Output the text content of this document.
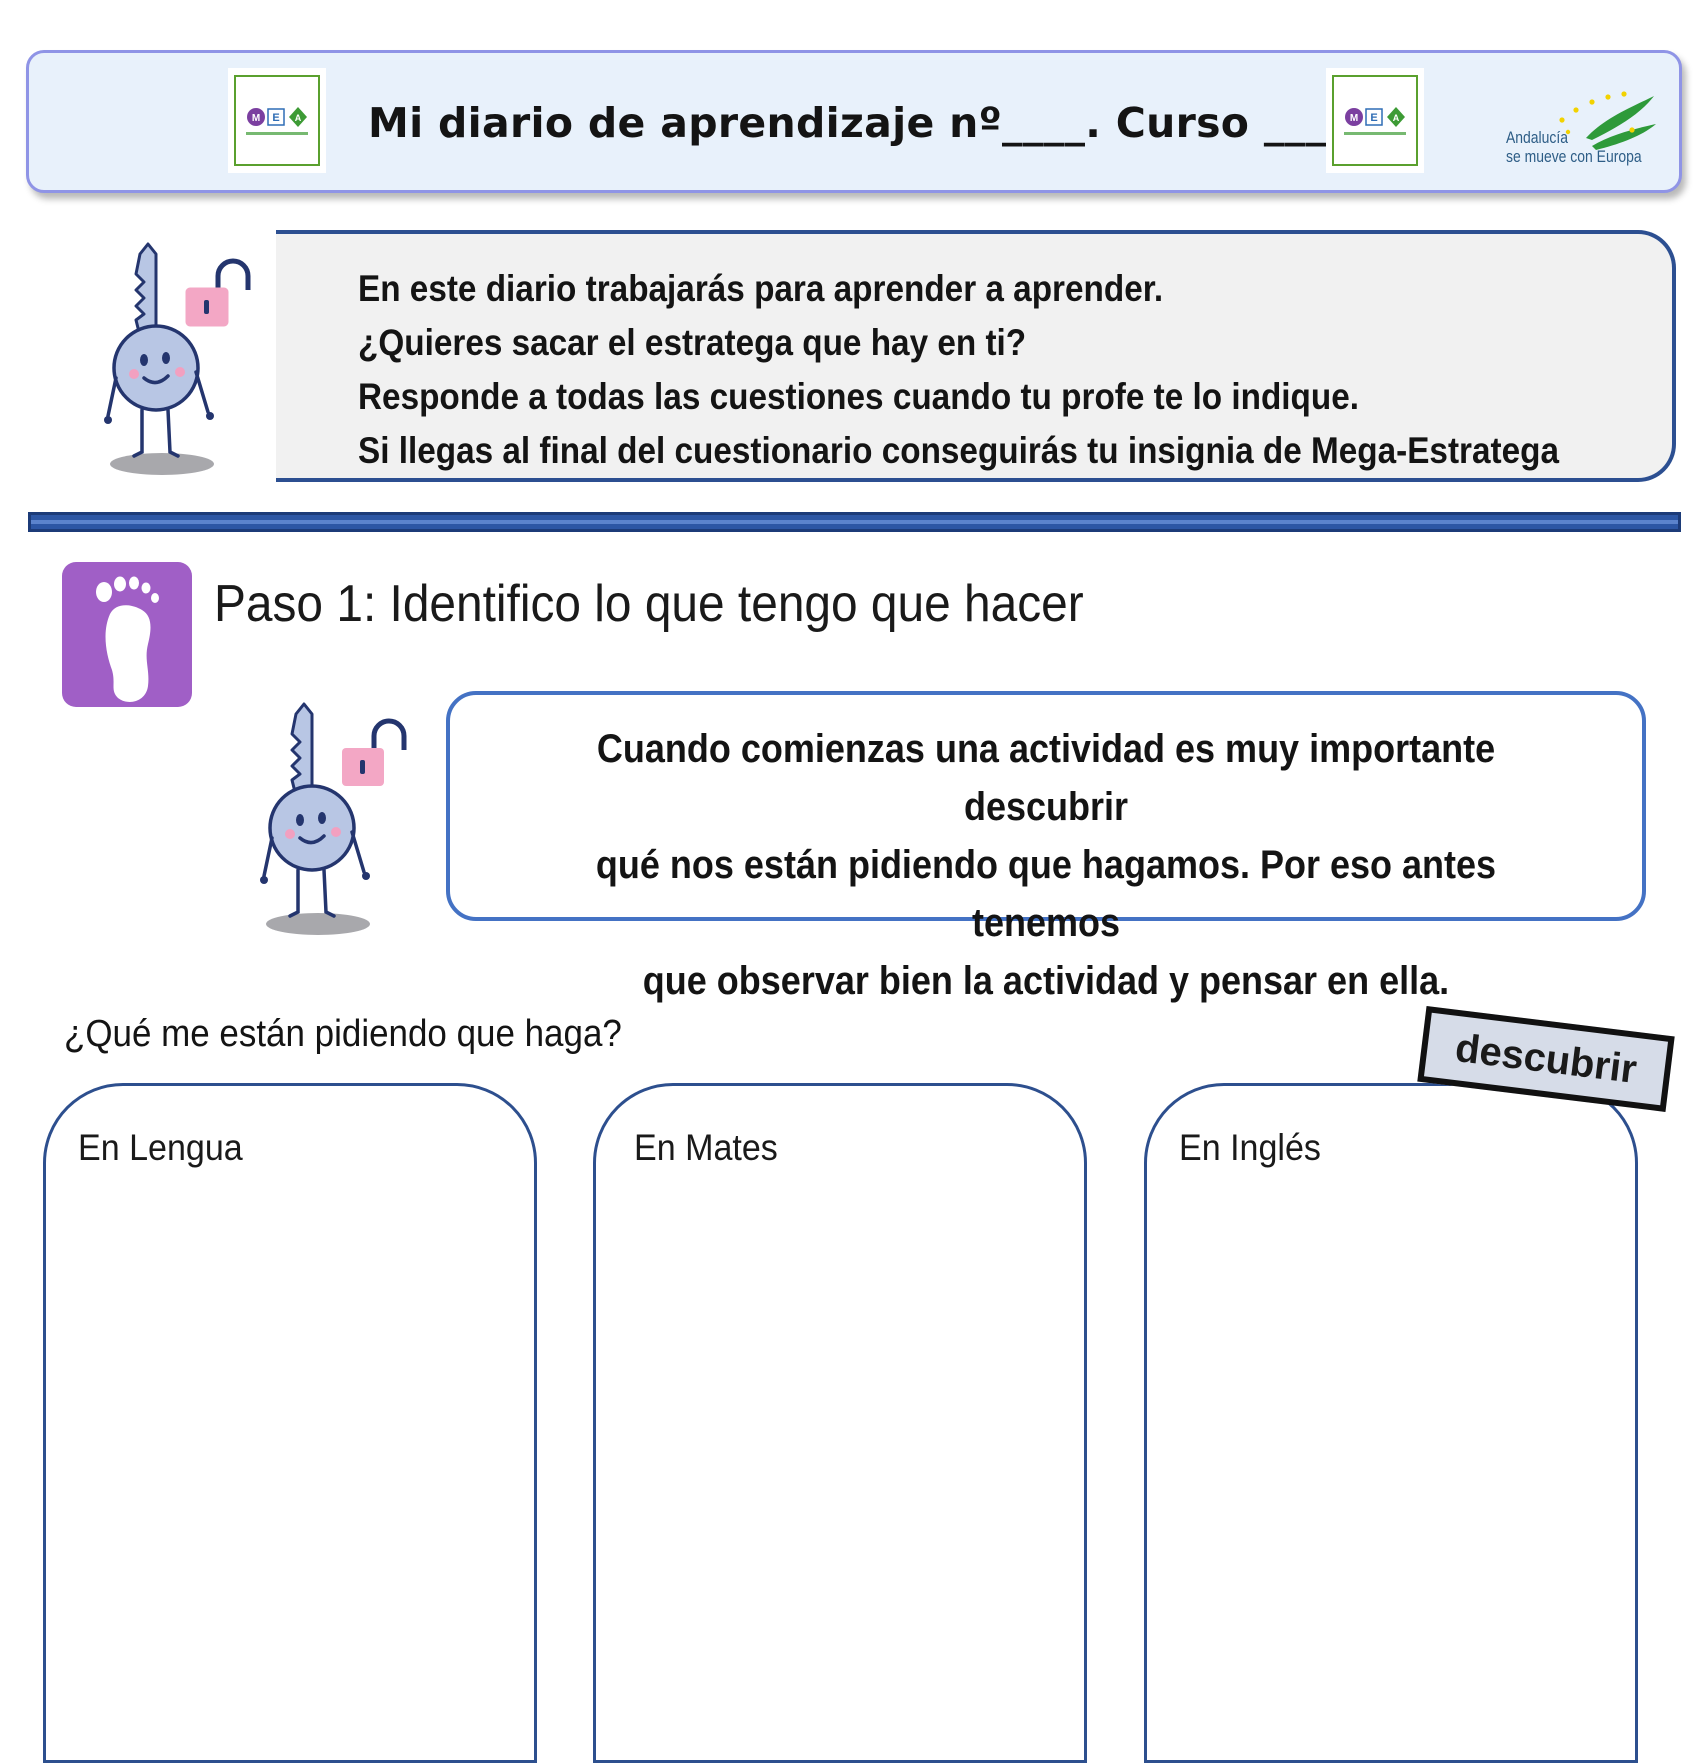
M E A Mi diario de aprendizaje nº____. Curso ___ M E A
Andalucía
se mueve con Europa
En este diario trabajarás para aprender a aprender.
¿Quieres sacar el estratega que hay en ti?
Responde a todas las cuestiones cuando tu profe te lo indique.
Si llegas al final del cuestionario conseguirás tu insignia de Mega-Estratega
Paso 1: Identifico lo que tengo que hacer
Cuando comienzas una actividad es muy importante descubrir
qué nos están pidiendo que hagamos. Por eso antes tenemos
que observar bien la actividad y pensar en ella.
¿Qué me están pidiendo que haga?
En Lengua	En Mates	En Inglés
descubrir
